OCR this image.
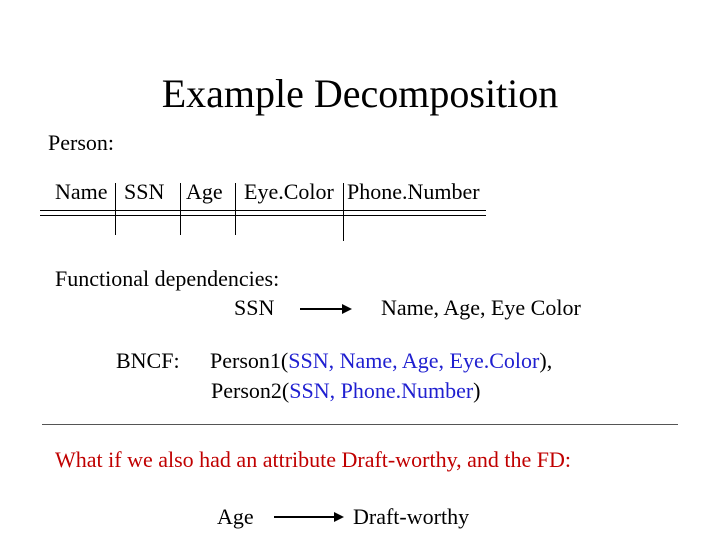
Example Decomposition
Person:
Name SSN Age Eye.Color Phone.Number
Functional dependencies:
SSN	Name, Age, Eye Color
BNCF: Person1(SSN, Name, Age, Eye.Color),
Person2(SSN, Phone.Number)
What if we also had an attribute Draft-worthy, and the FD:
Age	Draft-worthy
